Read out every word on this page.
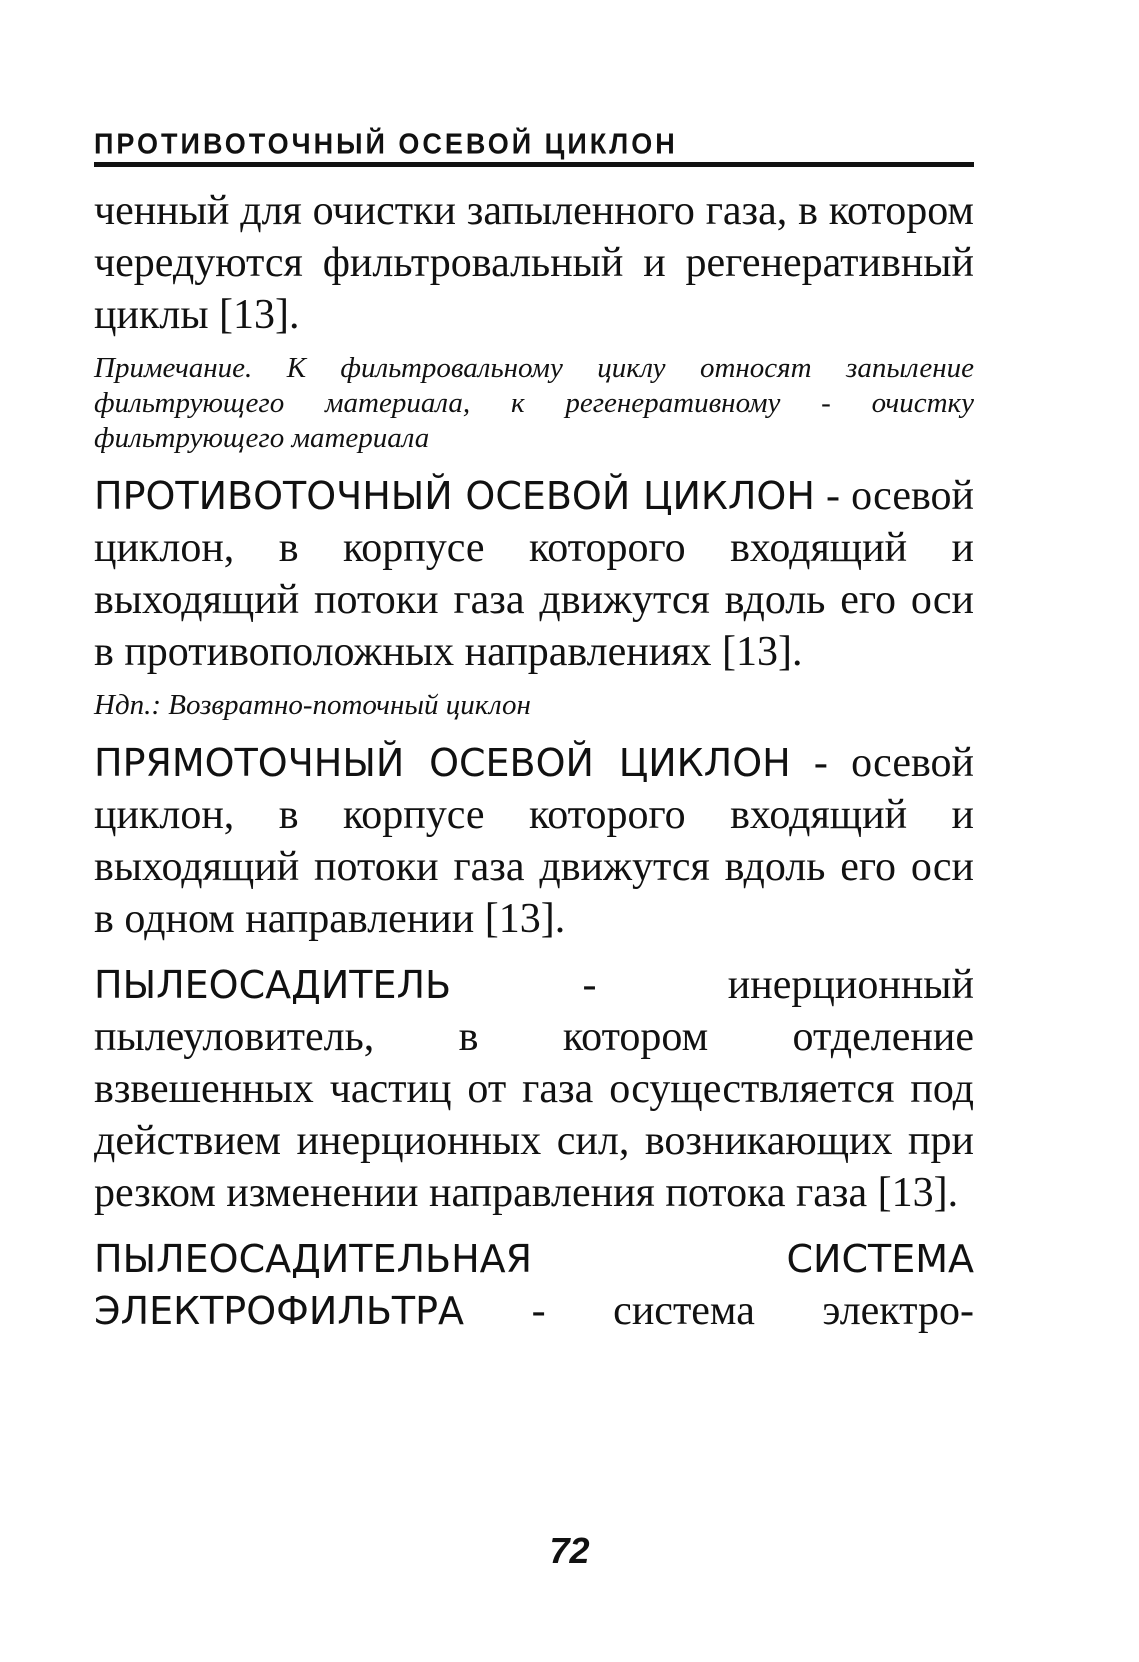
ПРОТИВОТОЧНЫЙ ОСЕВОЙ ЦИКЛОН

ченный для очистки запыленного газа, в котором чередуются фильтровальный и регенеративный циклы [13].

Примечание. К фильтровальному циклу относят запыление фильтрующего материала, к регенеративному - очистку фильтрующего материала

ПРОТИВОТОЧНЫЙ ОСЕВОЙ ЦИКЛОН - осевой циклон, в корпусе которого входящий и выходящий потоки газа движутся вдоль его оси в противоположных направлениях [13].

Ндп.: Возвратно-поточный циклон

ПРЯМОТОЧНЫЙ ОСЕВОЙ ЦИКЛОН - осевой циклон, в корпусе которого входящий и выходящий потоки газа движутся вдоль его оси в одном направлении [13].

ПЫЛЕОСАДИТЕЛЬ	- инерционный пылеуловитель, в котором отделение взвешенных частиц от газа осуществляется под действием инерционных сил, возникающих при резком изменении направления потока газа [13].

ПЫЛЕОСАДИТЕЛЬНАЯ СИСТЕМА ЭЛЕКТРОФИЛЬТРА - система электро-

72
